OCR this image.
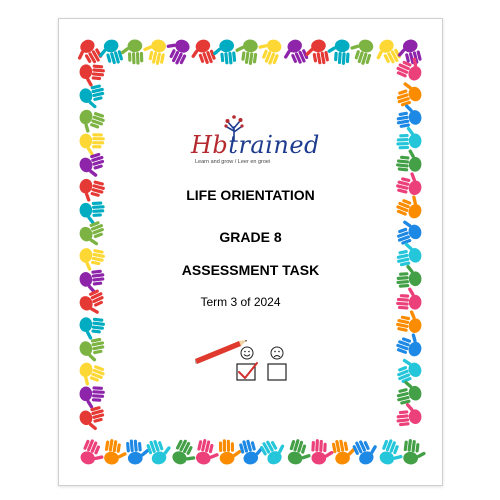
Hbtrained
Learn and grow / Leer en groei
LIFE ORIENTATION
GRADE 8
ASSESSMENT TASK
Term 3 of 2024
